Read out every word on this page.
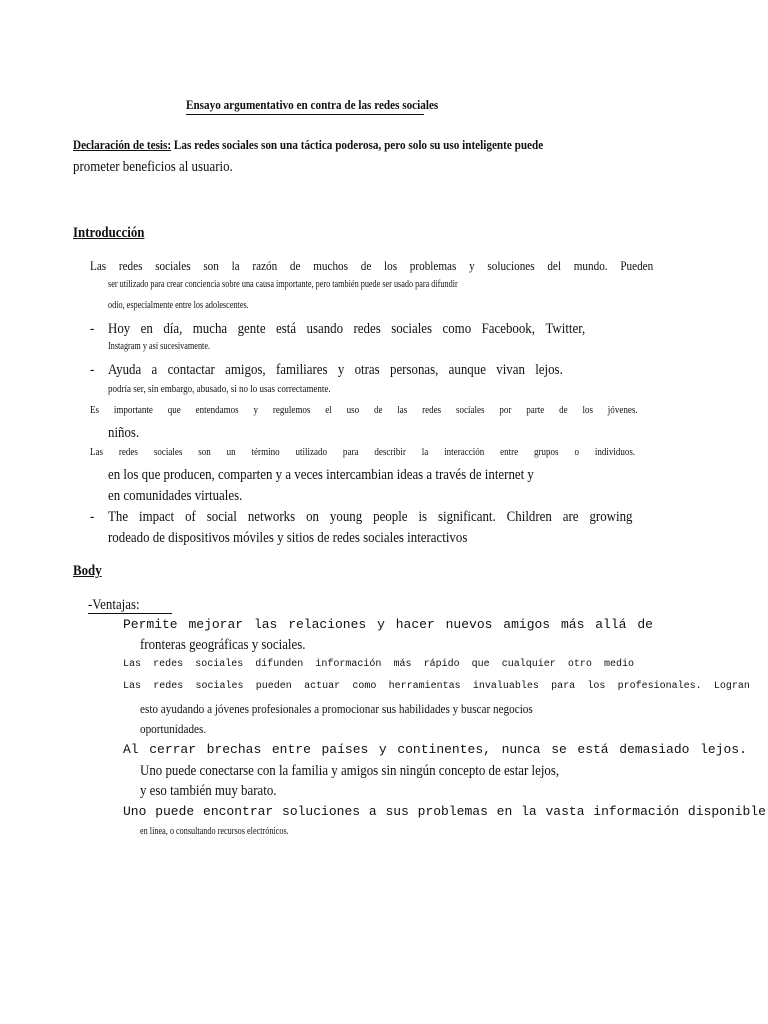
Ensayo argumentativo en contra de las redes sociales
Declaración de tesis: Las redes sociales son una táctica poderosa, pero solo su uso inteligente puede
prometer beneficios al usuario.
Introducción
Las redes sociales son la razón de muchos de los problemas y soluciones del mundo. Pueden
ser utilizado para crear conciencia sobre una causa importante, pero también puede ser usado para difundir
odio, especialmente entre los adolescentes.
- Hoy en día, mucha gente está usando redes sociales como Facebook, Twitter,
Instagram y así sucesivamente.
- Ayuda a contactar amigos, familiares y otras personas, aunque vivan lejos.
podría ser, sin embargo, abusado, si no lo usas correctamente.
Es importante que entendamos y regulemos el uso de las redes sociales por parte de los jóvenes.
niños.
Las redes sociales son un término utilizado para describir la interacción entre grupos o individuos.
en los que producen, comparten y a veces intercambian ideas a través de internet y
en comunidades virtuales.
- The impact of social networks on young people is significant. Children are growing
rodeado de dispositivos móviles y sitios de redes sociales interactivos
Body
-Ventajas:
Permite mejorar las relaciones y hacer nuevos amigos más allá de
fronteras geográficas y sociales.
Las redes sociales difunden información más rápido que cualquier otro medio
Las redes sociales pueden actuar como herramientas invaluables para los profesionales. Logran
esto ayudando a jóvenes profesionales a promocionar sus habilidades y buscar negocios
oportunidades.
Al cerrar brechas entre países y continentes, nunca se está demasiado lejos.
Uno puede conectarse con la familia y amigos sin ningún concepto de estar lejos,
y eso también muy barato.
Uno puede encontrar soluciones a sus problemas en la vasta información disponible
en línea, o consultando recursos electrónicos.
